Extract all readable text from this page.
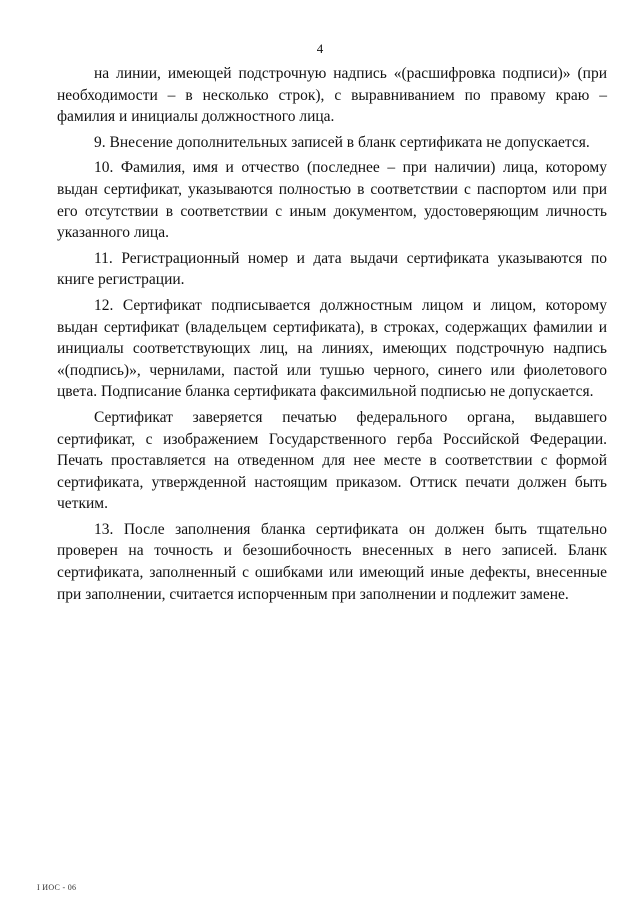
4

на линии, имеющей подстрочную надпись «(расшифровка подписи)» (при необходимости – в несколько строк), с выравниванием по правому краю – фамилия и инициалы должностного лица.

9. Внесение дополнительных записей в бланк сертификата не допускается.

10. Фамилия, имя и отчество (последнее – при наличии) лица, которому выдан сертификат, указываются полностью в соответствии с паспортом или при его отсутствии в соответствии с иным документом, удостоверяющим личность указанного лица.

11. Регистрационный номер и дата выдачи сертификата указываются по книге регистрации.

12. Сертификат подписывается должностным лицом и лицом, которому выдан сертификат (владельцем сертификата), в строках, содержащих фамилии и инициалы соответствующих лиц, на линиях, имеющих подстрочную надпись «(подпись)», чернилами, пастой или тушью черного, синего или фиолетового цвета. Подписание бланка сертификата факсимильной подписью не допускается.

Сертификат заверяется печатью федерального органа, выдавшего сертификат, с изображением Государственного герба Российской Федерации. Печать проставляется на отведенном для нее месте в соответствии с формой сертификата, утвержденной настоящим приказом. Оттиск печати должен быть четким.

13. После заполнения бланка сертификата он должен быть тщательно проверен на точность и безошибочность внесенных в него записей. Бланк сертификата, заполненный с ошибками или имеющий иные дефекты, внесенные при заполнении, считается испорченным при заполнении и подлежит замене.

I ИОС - 06
